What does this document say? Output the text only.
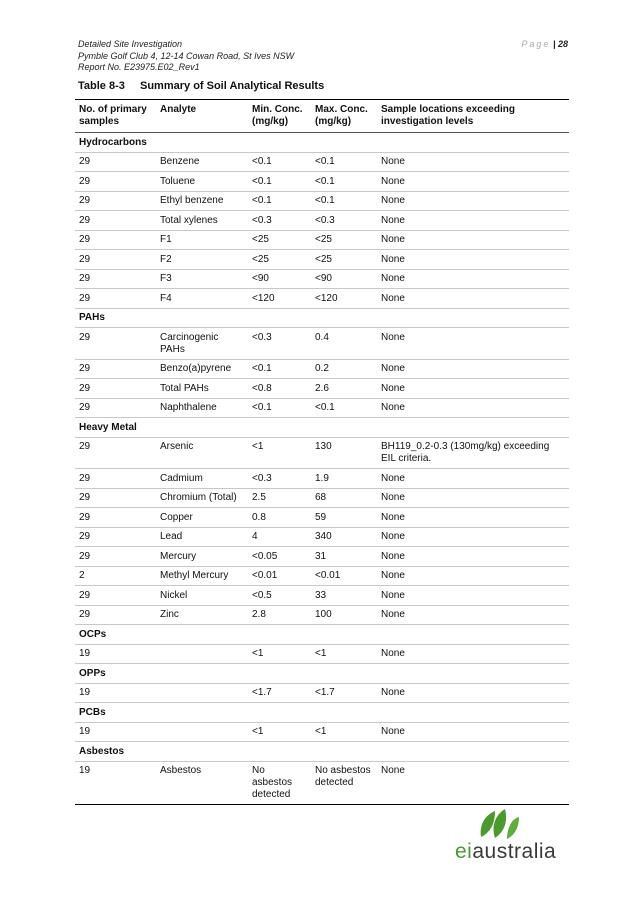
Detailed Site Investigation
Pymble Golf Club 4, 12-14 Cowan Road, St Ives NSW
Report No. E23975.E02_Rev1
Page | 28
Table 8-3 Summary of Soil Analytical Results
No. of primary samples	Analyte	Min. Conc. (mg/kg)	Max. Conc. (mg/kg)	Sample locations exceeding investigation levels
Hydrocarbons				
29	Benzene	<0.1	<0.1	None
29	Toluene	<0.1	<0.1	None
29	Ethyl benzene	<0.1	<0.1	None
29	Total xylenes	<0.3	<0.3	None
29	F1	<25	<25	None
29	F2	<25	<25	None
29	F3	<90	<90	None
29	F4	<120	<120	None
PAHs				
29	Carcinogenic PAHs	<0.3	0.4	None
29	Benzo(a)pyrene	<0.1	0.2	None
29	Total PAHs	<0.8	2.6	None
29	Naphthalene	<0.1	<0.1	None
Heavy Metal				
29	Arsenic	<1	130	BH119_0.2-0.3 (130mg/kg) exceeding EIL criteria.
29	Cadmium	<0.3	1.9	None
29	Chromium (Total)	2.5	68	None
29	Copper	0.8	59	None
29	Lead	4	340	None
29	Mercury	<0.05	31	None
2	Methyl Mercury	<0.01	<0.01	None
29	Nickel	<0.5	33	None
29	Zinc	2.8	100	None
OCPs				
19		<1	<1	None
OPPs				
19		<1.7	<1.7	None
PCBs				
19		<1	<1	None
Asbestos				
19	Asbestos	No asbestos detected	No asbestos detected	None
eiaustralia
